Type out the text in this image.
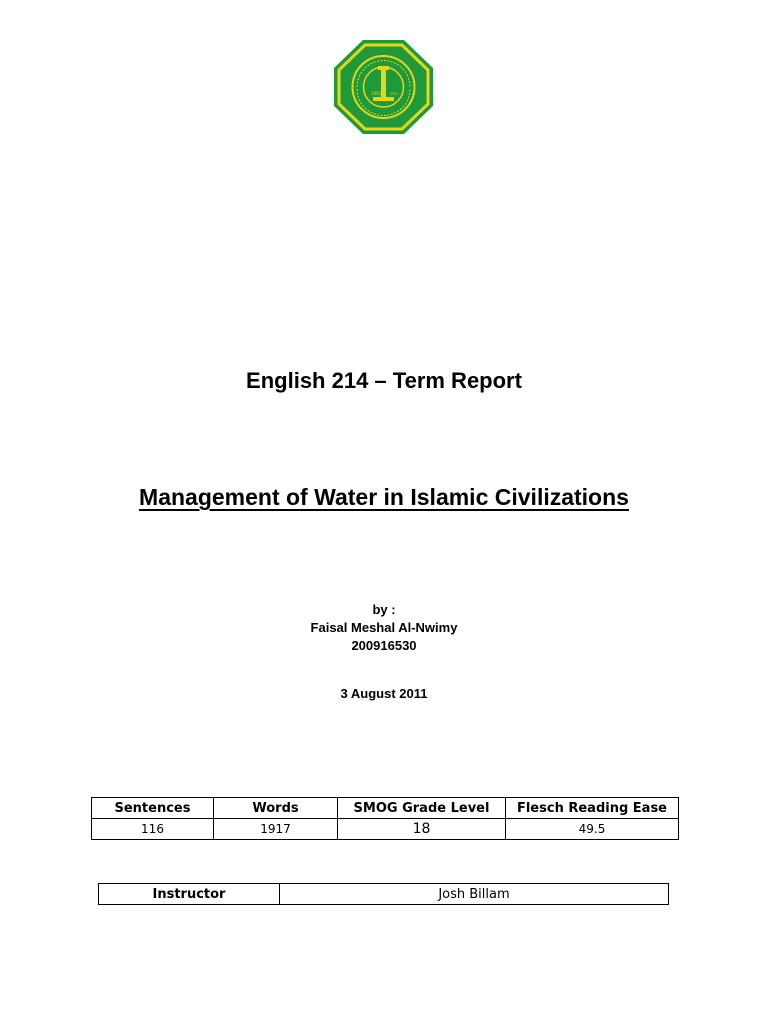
1963 ١٣٨٣
English 214 – Term Report
Management of Water in Islamic Civilizations
by :
Faisal Meshal Al-Nwimy
200916530
3 August 2011
Sentences	Words	SMOG Grade Level	Flesch Reading Ease
116	1917	18	49.5
Instructor	Josh Billam
